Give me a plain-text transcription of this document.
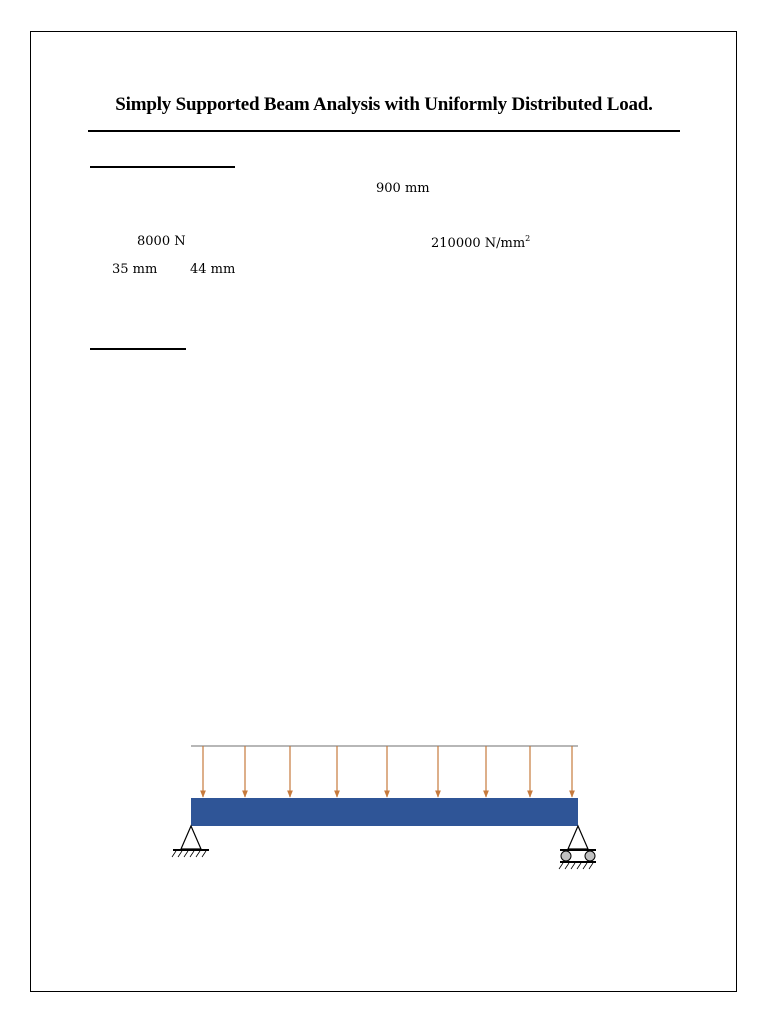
Simply Supported Beam Analysis with Uniformly Distributed Load.
900 mm
8000 N	210000 $N/mm^2$
35 mm	44 mm
